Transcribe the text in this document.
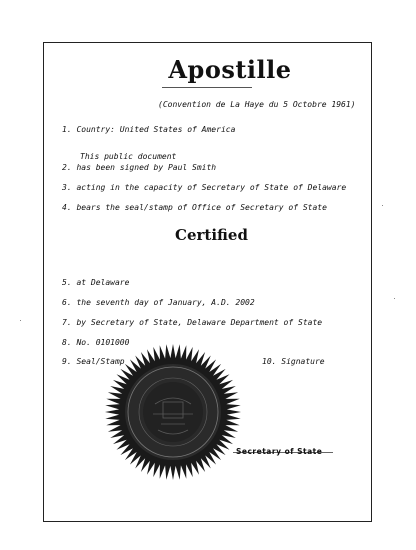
Apostille
(Convention de La Haye du 5 Octobre 1961)
1. Country: United States of America
This public document
2. has been signed by Paul Smith
3. acting in the capacity of Secretary of State of Delaware
4. bears the seal/stamp of Office of Secretary of State
Certified
5. at Delaware
6. the seventh day of January, A.D. 2002
7. by Secretary of State, Delaware Department of State
8. No. 0101000
9. Seal/Stamp	10. Signature
Secretary of State
